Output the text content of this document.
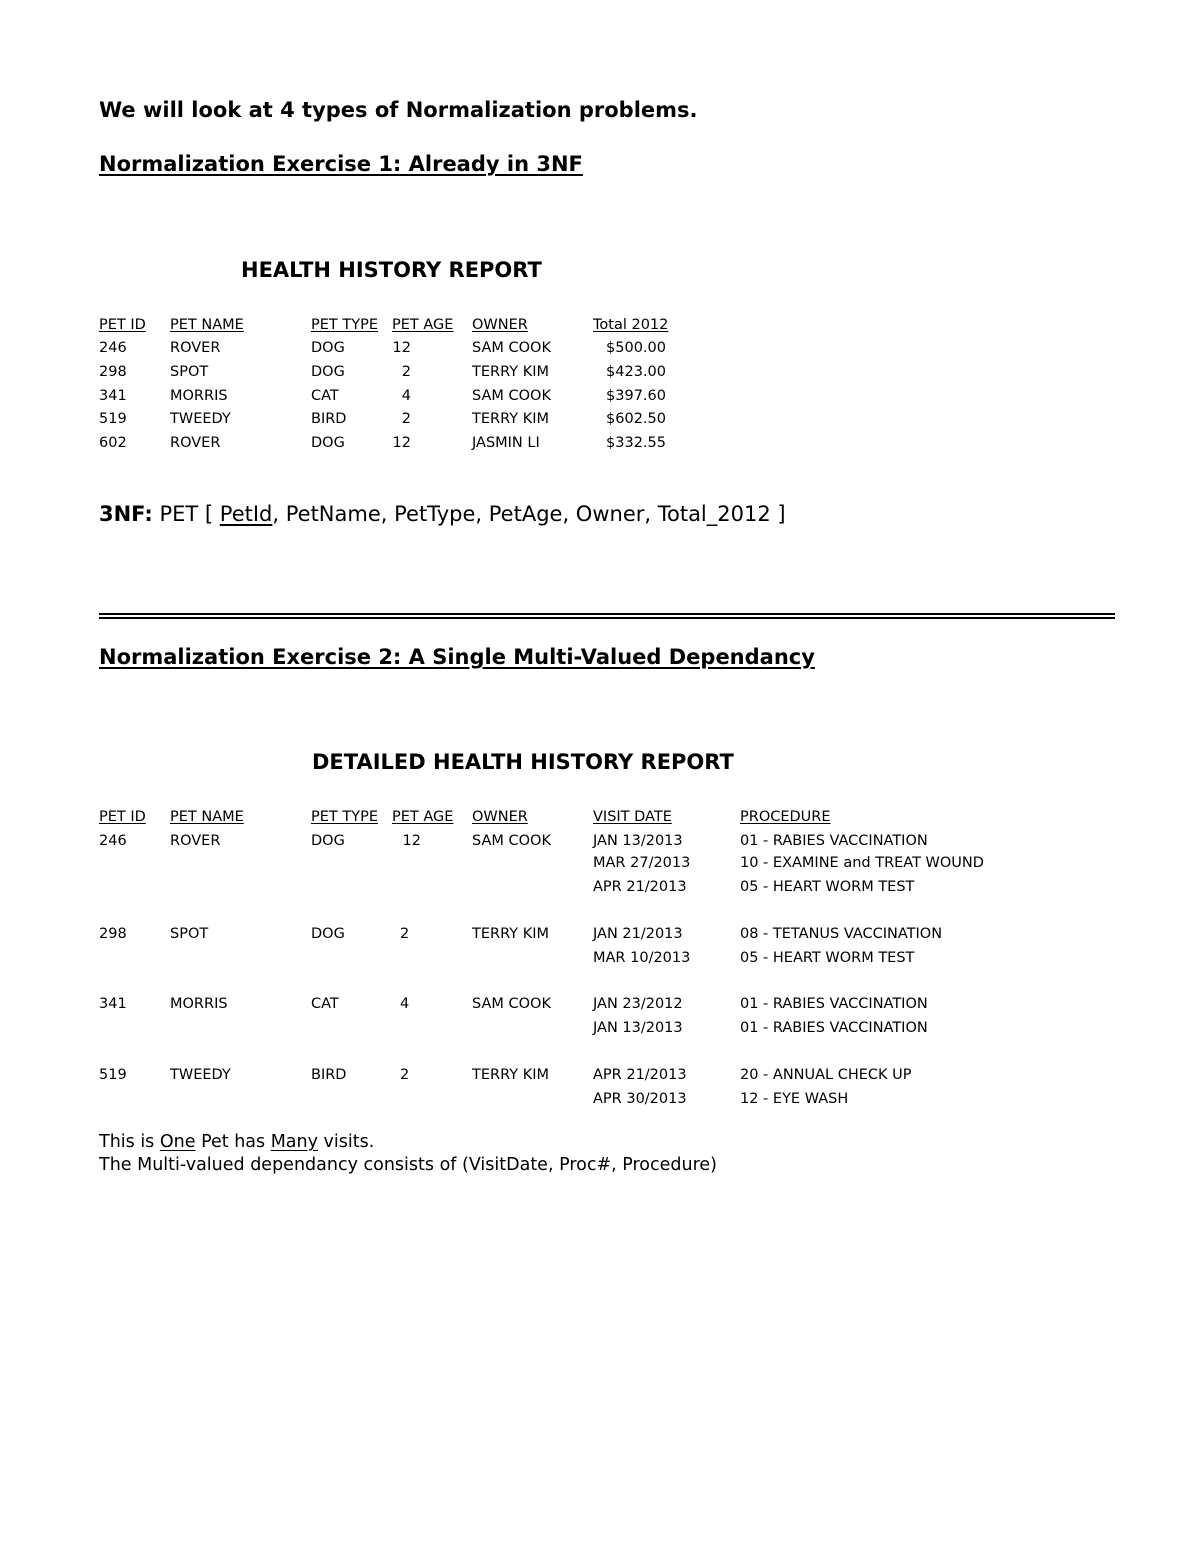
We will look at 4 types of Normalization problems.
Normalization Exercise 1: Already in 3NF
HEALTH HISTORY REPORT
PET ID PET NAME	PET TYPE PET AGE OWNER	Total 2012
246	ROVER	DOG	12	SAM COOK	$500.00
298	SPOT	DOG	2	TERRY KIM	$423.00
341	MORRIS	CAT	4	SAM COOK	$397.60
519	TWEEDY	BIRD	2	TERRY KIM	$602.50
602	ROVER	DOG	12	JASMIN LI	$332.55
3NF: PET [ PetId, PetName, PetType, PetAge, Owner, Total_2012 ]
Normalization Exercise 2: A Single Multi-Valued Dependancy
DETAILED HEALTH HISTORY REPORT
PET ID PET NAME	PET TYPE PET AGE OWNER	VISIT DATE	PROCEDURE
246	ROVER	DOG	12	SAM COOK	JAN 13/2013	01 - RABIES VACCINATION
MAR 27/2013	10 - EXAMINE and TREAT WOUND
APR 21/2013	05 - HEART WORM TEST
298	SPOT	DOG	2	TERRY KIM	JAN 21/2013	08 - TETANUS VACCINATION
MAR 10/2013	05 - HEART WORM TEST
341	MORRIS	CAT	4	SAM COOK	JAN 23/2012	01 - RABIES VACCINATION
JAN 13/2013	01 - RABIES VACCINATION
519	TWEEDY	BIRD	2	TERRY KIM	APR 21/2013	20 - ANNUAL CHECK UP
APR 30/2013	12 - EYE WASH
This is One Pet has Many visits.
The Multi-valued dependancy consists of (VisitDate, Proc#, Procedure)
